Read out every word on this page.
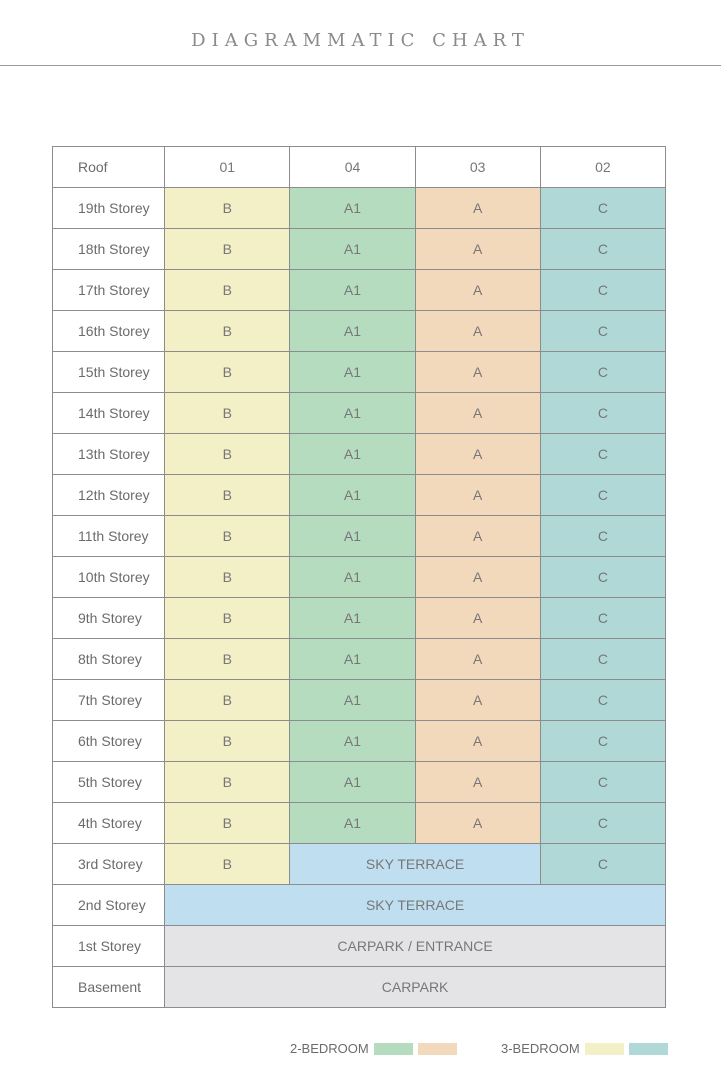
DIAGRAMMATIC CHART
Roof	01	04	03	02
19th Storey	B	A1	A	C
18th Storey	B	A1	A	C
17th Storey	B	A1	A	C
16th Storey	B	A1	A	C
15th Storey	B	A1	A	C
14th Storey	B	A1	A	C
13th Storey	B	A1	A	C
12th Storey	B	A1	A	C
11th Storey	B	A1	A	C
10th Storey	B	A1	A	C
9th Storey	B	A1	A	C
8th Storey	B	A1	A	C
7th Storey	B	A1	A	C
6th Storey	B	A1	A	C
5th Storey	B	A1	A	C
4th Storey	B	A1	A	C
3rd Storey	B	SKY TERRACE		C
2nd Storey	SKY TERRACE			
1st Storey	CARPARK / ENTRANCE			
Basement	CARPARK			
2-BEDROOM	3-BEDROOM
